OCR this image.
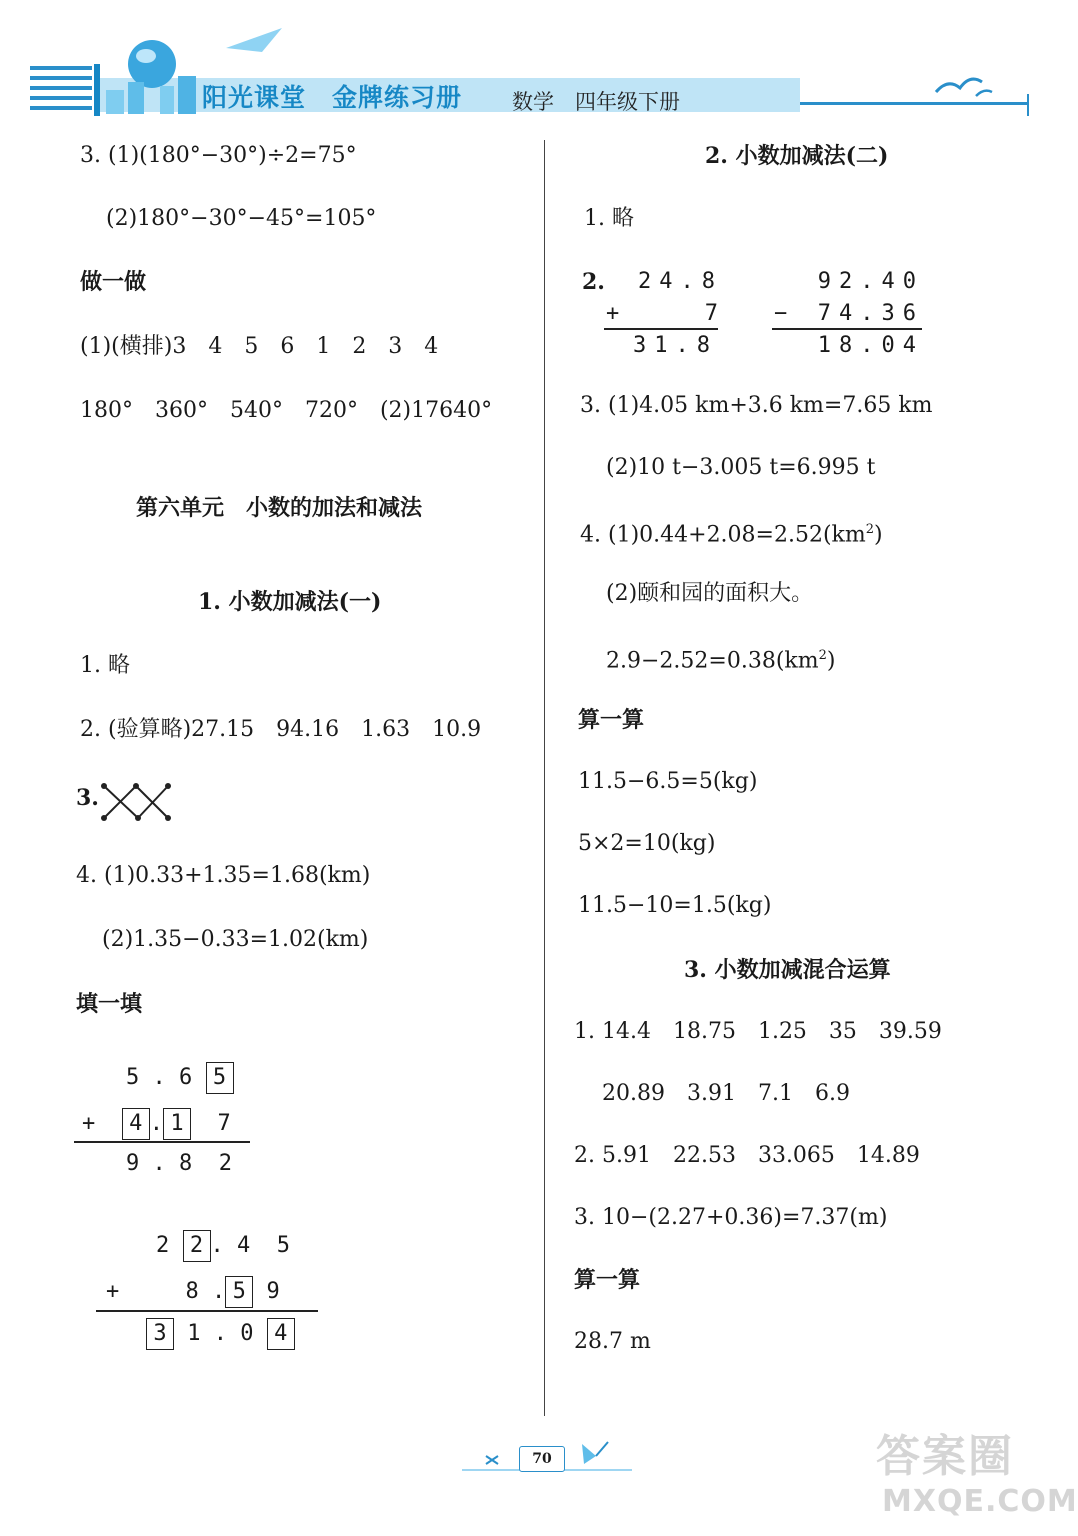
阳光课堂　 金牌练习册 数学　 四年级下册
3. (1)(180°−30°)÷2=75°
(2)180°−30°−45°=105°
做一做
(1)(横排)3　4　5　6　1　2　3　4
180°　360°　540°　720°　(2)17640°
第六单元　小数的加法和减法
1. 小数加减法(一)
1. 略
2. (验算略)27.15　94.16　1.63　10.9
3.
4. (1)0.33+1.35=1.68(km)
(2)1.35−0.33=1.02(km)
填一填
5 . 6 5
+ 4 . 1 7
9 . 8 2
2 2 . 4 5
+	8 . 5 9
3 1 . 0 4
2. 小数加减法(二)
1. 略
2. 24.8
+	7
31.8
92.40
−	74.36
18.04
3. (1)4.05 km+3.6 km=7.65 km
(2)10 t−3.005 t=6.995 t
4. $(1)0.44+2.08=2.52(km^2)$
(2)颐和园的面积大。
$2.9-2.52=0.38(km^2)$
算一算
11.5−6.5=5(kg)
5×2=10(kg)
11.5−10=1.5(kg)
3. 小数加减混合运算
1. 14.4　18.75　1.25　35　39.59
20.89　3.91　7.1　6.9
2. 5.91　22.53　33.065　14.89
3. 10−(2.27+0.36)=7.37(m)
算一算
28.7 m
70	答案圈
MXQE.COM
